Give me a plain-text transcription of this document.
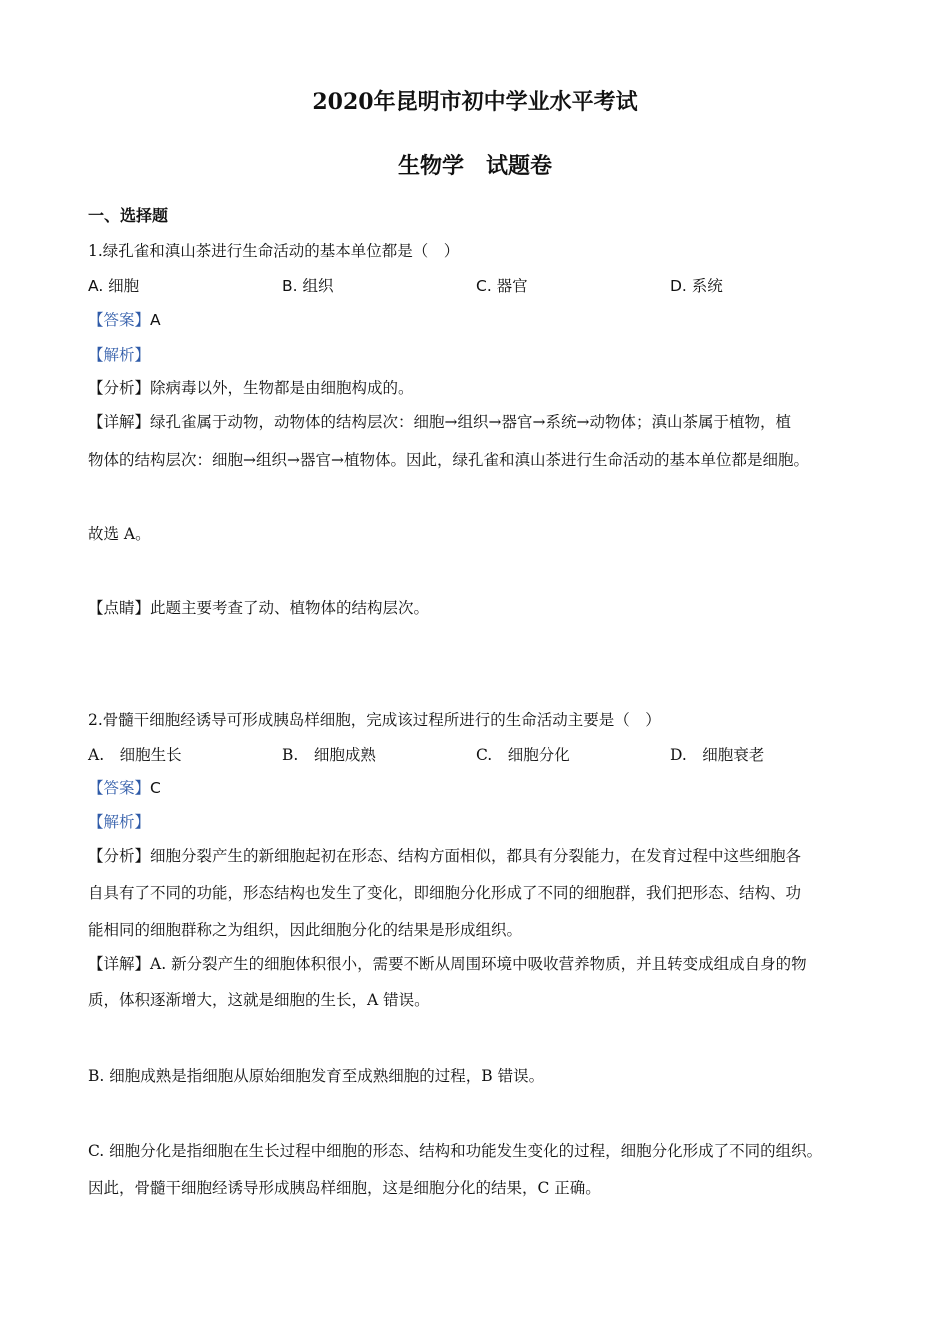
2020年昆明市初中学业水平考试
生物学　试题卷
一、选择题
1.绿孔雀和滇山茶进行生命活动的基本单位都是（　）
A. 细胞	B. 组织	C. 器官	D. 系统
【答案】A
【解析】
【分析】除病毒以外，生物都是由细胞构成的。
【详解】绿孔雀属于动物，动物体的结构层次：细胞→组织→器官→系统→动物体；滇山茶属于植物，植
物体的结构层次：细胞→组织→器官→植物体。因此，绿孔雀和滇山茶进行生命活动的基本单位都是细胞。
故选 A。
【点睛】此题主要考查了动、植物体的结构层次。
2.骨髓干细胞经诱导可形成胰岛样细胞，完成该过程所进行的生命活动主要是（　）
A.　细胞生长	B.　细胞成熟	C.　细胞分化	D.　细胞衰老
【答案】C
【解析】
【分析】细胞分裂产生的新细胞起初在形态、结构方面相似，都具有分裂能力，在发育过程中这些细胞各
自具有了不同的功能，形态结构也发生了变化，即细胞分化形成了不同的细胞群，我们把形态、结构、功
能相同的细胞群称之为组织，因此细胞分化的结果是形成组织。
【详解】A. 新分裂产生的细胞体积很小，需要不断从周围环境中吸收营养物质，并且转变成组成自身的物
质，体积逐渐增大，这就是细胞的生长，A 错误。
B. 细胞成熟是指细胞从原始细胞发育至成熟细胞的过程，B 错误。
C. 细胞分化是指细胞在生长过程中细胞的形态、结构和功能发生变化的过程，细胞分化形成了不同的组织。
因此，骨髓干细胞经诱导形成胰岛样细胞，这是细胞分化的结果，C 正确。
